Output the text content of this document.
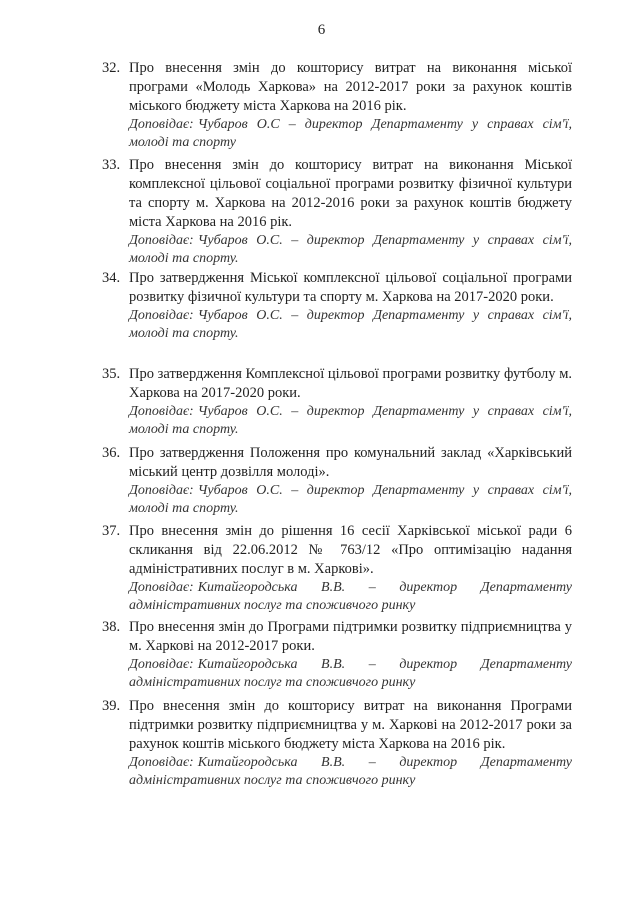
6
32. Про внесення змін до кошторису витрат на виконання міської програми «Молодь Харкова» на 2012-2017 роки за рахунок коштів міського бюджету міста Харкова на 2016 рік.

Доповідає: Чубаров О.С – директор Департаменту у справах сім'ї, молоді та спорту

33. Про внесення змін до кошторису витрат на виконання Міської комплексної цільової соціальної програми розвитку фізичної культури та спорту м. Харкова на 2012-2016 роки за рахунок коштів бюджету міста Харкова на 2016 рік.

Доповідає: Чубаров О.С. – директор Департаменту у справах сім'ї, молоді та спорту.

34. Про затвердження Міської комплексної цільової соціальної програми розвитку фізичної культури та спорту м. Харкова на 2017-2020 роки.

Доповідає: Чубаров О.С. – директор Департаменту у справах сім'ї, молоді та спорту.

35. Про затвердження Комплексної цільової програми розвитку футболу м. Харкова на 2017-2020 роки.

Доповідає: Чубаров О.С. – директор Департаменту у справах сім'ї, молоді та спорту.

36. Про затвердження Положення про комунальний заклад «Харківський міський центр дозвілля молоді».

Доповідає: Чубаров О.С. – директор Департаменту у справах сім'ї, молоді та спорту.

37. Про внесення змін до рішення 16 сесії Харківської міської ради 6 скликання від 22.06.2012 № 763/12 «Про оптимізацію надання адміністративних послуг в м. Харкові».

Доповідає: Китайгородська В.В. – директор Департаменту адміністративних послуг та споживчого ринку

38. Про внесення змін до Програми підтримки розвитку підприємництва у м. Харкові на 2012-2017 роки.

Доповідає: Китайгородська В.В. – директор Департаменту адміністративних послуг та споживчого ринку

39. Про внесення змін до кошторису витрат на виконання Програми підтримки розвитку підприємництва у м. Харкові на 2012-2017 роки за рахунок коштів міського бюджету міста Харкова на 2016 рік.

Доповідає: Китайгородська В.В. – директор Департаменту адміністративних послуг та споживчого ринку
